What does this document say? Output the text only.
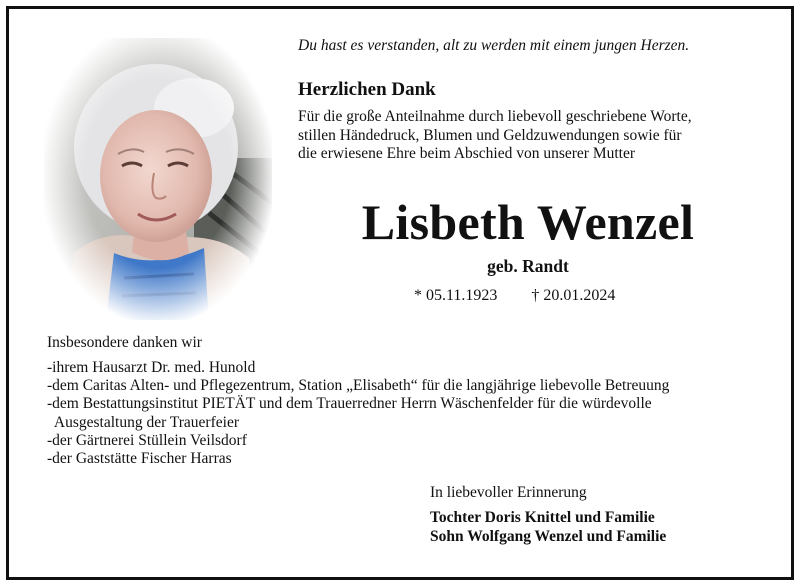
Du hast es verstanden, alt zu werden mit einem jungen Herzen.
Herzlichen Dank
Für die große Anteilnahme durch liebevoll geschriebene Worte,
stillen Händedruck, Blumen und Geldzuwendungen sowie für
die erwiesene Ehre beim Abschied von unserer Mutter
Lisbeth Wenzel
geb. Randt
* 05.11.1923 † 20.01.2024
Insbesondere danken wir
-ihrem Hausarzt Dr. med. Hunold
-dem Caritas Alten- und Pflegezentrum, Station „Elisabeth“ für die langjährige liebevolle Betreuung
-dem Bestattungsinstitut PIETÄT und dem Trauerredner Herrn Wäschenfelder für die würdevolle
Ausgestaltung der Trauerfeier
-der Gärtnerei Stüllein Veilsdorf
-der Gaststätte Fischer Harras
In liebevoller Erinnerung
Tochter Doris Knittel und Familie
Sohn Wolfgang Wenzel und Familie
